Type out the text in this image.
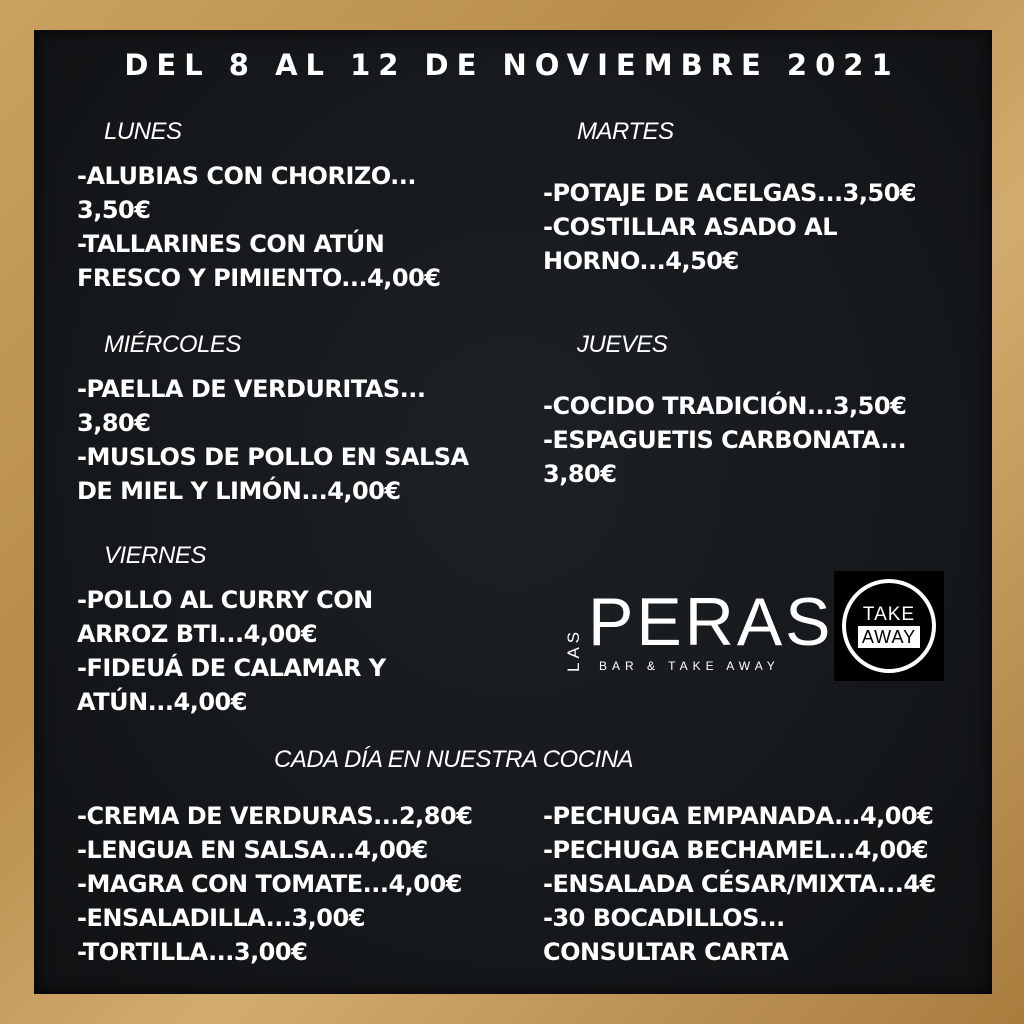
DEL 8 AL 12 DE NOVIEMBRE 2021
LUNES
-ALUBIAS CON CHORIZO...
3,50€
-TALLARINES CON ATÚN
FRESCO Y PIMIENTO...4,00€
MARTES
-POTAJE DE ACELGAS...3,50€
-COSTILLAR ASADO AL
HORNO...4,50€
MIÉRCOLES
-PAELLA DE VERDURITAS...
3,80€
-MUSLOS DE POLLO EN SALSA
DE MIEL Y LIMÓN...4,00€
JUEVES
-COCIDO TRADICIÓN...3,50€
-ESPAGUETIS CARBONATA...
3,80€
VIERNES
-POLLO AL CURRY CON
ARROZ BTI...4,00€
-FIDEUÁ DE CALAMAR Y
ATÚN...4,00€
LAS PERAS
BAR & TAKE AWAY
TAKE
AWAY
CADA DÍA EN NUESTRA COCINA
-CREMA DE VERDURAS...2,80€
-LENGUA EN SALSA...4,00€
-MAGRA CON TOMATE...4,00€
-ENSALADILLA...3,00€
-TORTILLA...3,00€
-PECHUGA EMPANADA...4,00€
-PECHUGA BECHAMEL...4,00€
-ENSALADA CÉSAR/MIXTA...4€
-30 BOCADILLOS...
CONSULTAR CARTA
